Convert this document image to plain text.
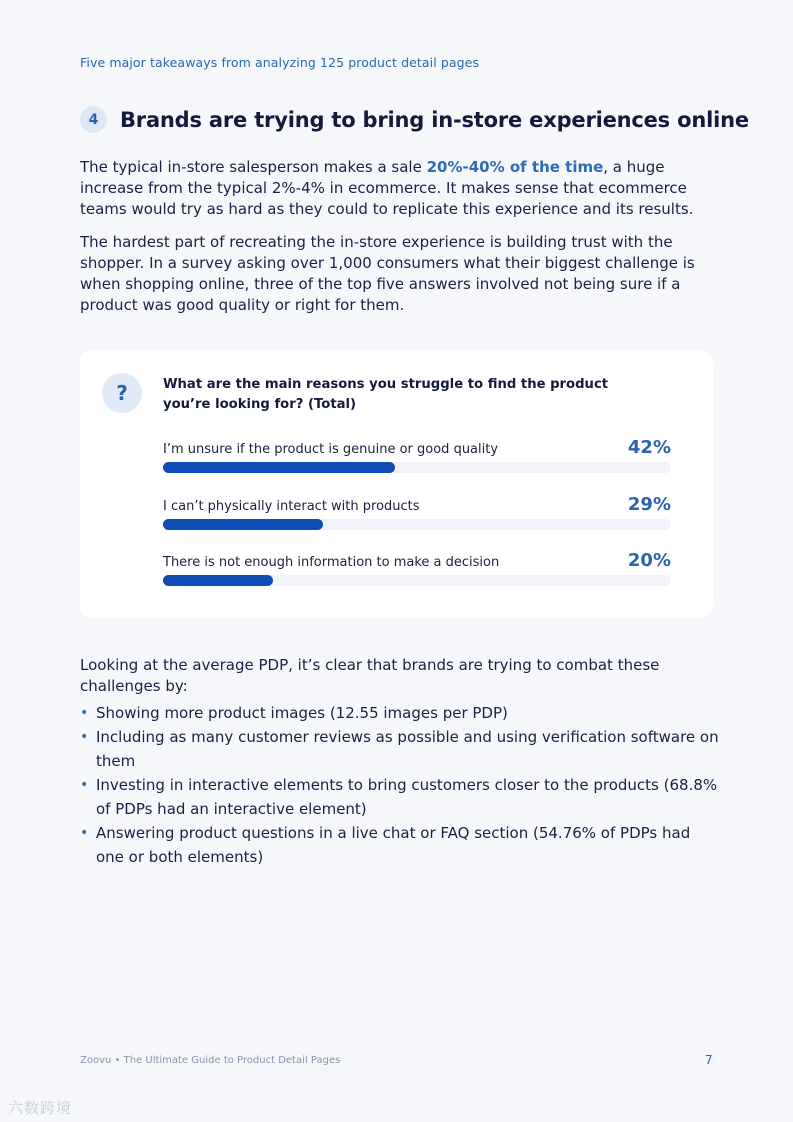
Five major takeaways from analyzing 125 product detail pages
4	Brands are trying to bring in-store experiences online

The typical in-store salesperson makes a sale 20%-40% of the time, a huge increase from the typical 2%-4% in ecommerce. It makes sense that ecommerce teams would try as hard as they could to replicate this experience and its results.

The hardest part of recreating the in-store experience is building trust with the shopper. In a survey asking over 1,000 consumers what their biggest challenge is when shopping online, three of the top five answers involved not being sure if a product was good quality or right for them.

?	What are the main reasons you struggle to find the product you’re looking for? (Total)
I’m unsure if the product is genuine or good quality	42%
I can’t physically interact with products	29%
There is not enough information to make a decision	20%

Looking at the average PDP, it’s clear that brands are trying to combat these challenges by:

• Showing more product images (12.55 images per PDP)
• Including as many customer reviews as possible and using verification software on them
• Investing in interactive elements to bring customers closer to the products (68.8% of PDPs had an interactive element)
• Answering product questions in a live chat or FAQ section (54.76% of PDPs had one or both elements)
Zoovu • The Ultimate Guide to Product Detail Pages	7
六数跨境
